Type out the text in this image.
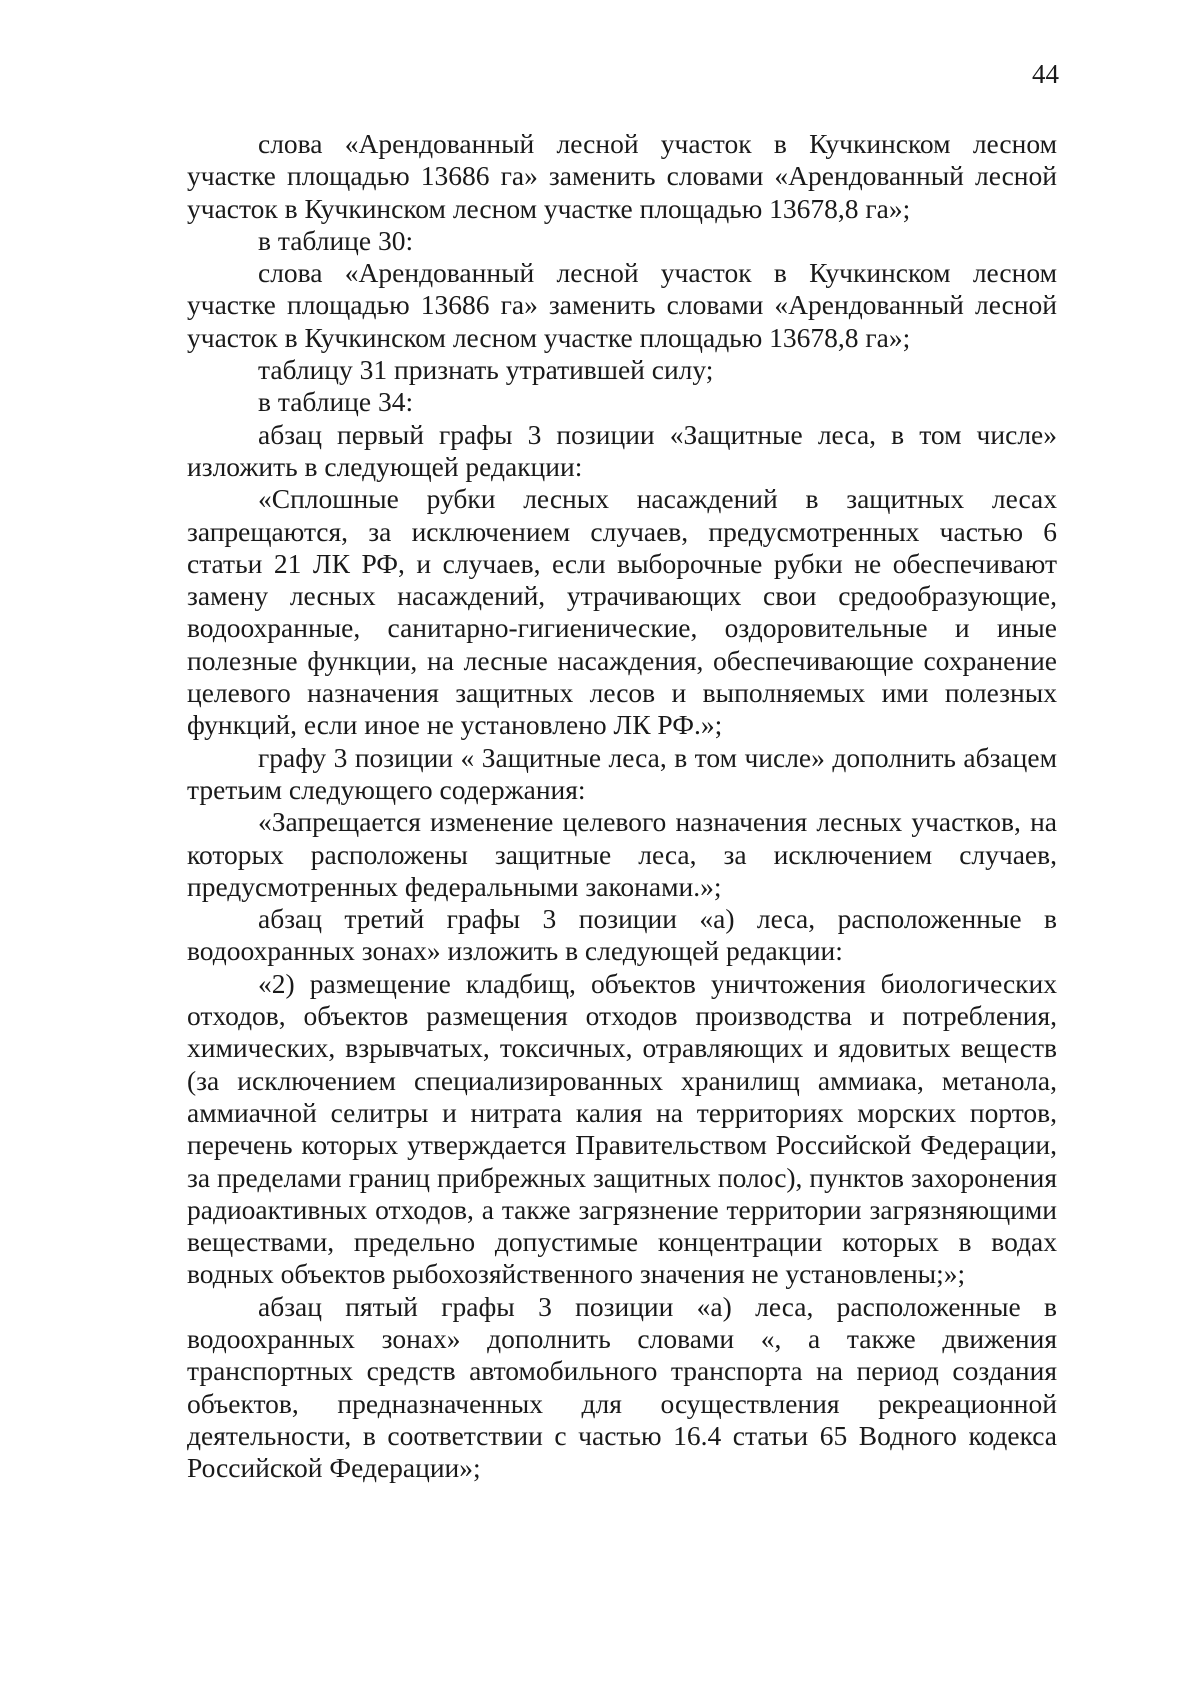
44

слова «Арендованный лесной участок в Кучкинском лесном участке площадью 13686 га» заменить словами «Арендованный лесной участок в Кучкинском лесном участке площадью 13678,8 га»;

в таблице 30:

слова «Арендованный лесной участок в Кучкинском лесном участке площадью 13686 га» заменить словами «Арендованный лесной участок в Кучкинском лесном участке площадью 13678,8 га»;

таблицу 31 признать утратившей силу;

в таблице 34:

абзац первый графы 3 позиции «Защитные леса, в том числе» изложить в следующей редакции:

«Сплошные рубки лесных насаждений в защитных лесах запрещаются, за исключением случаев, предусмотренных частью 6 статьи 21 ЛК РФ, и случаев, если выборочные рубки не обеспечивают замену лесных насаждений, утрачивающих свои средообразующие, водоохранные, санитарно-гигиенические, оздоровительные и иные полезные функции, на лесные насаждения, обеспечивающие сохранение целевого назначения защитных лесов и выполняемых ими полезных функций, если иное не установлено ЛК РФ.»;

графу 3 позиции « Защитные леса, в том числе» дополнить абзацем третьим следующего содержания:

«Запрещается изменение целевого назначения лесных участков, на которых расположены защитные леса, за исключением случаев, предусмотренных федеральными законами.»;

абзац третий графы 3 позиции «а) леса, расположенные в водоохранных зонах» изложить в следующей редакции:

«2) размещение кладбищ, объектов уничтожения биологических отходов, объектов размещения отходов производства и потребления, химических, взрывчатых, токсичных, отравляющих и ядовитых веществ (за исключением специализированных хранилищ аммиака, метанола, аммиачной селитры и нитрата калия на территориях морских портов, перечень которых утверждается Правительством Российской Федерации, за пределами границ прибрежных защитных полос), пунктов захоронения радиоактивных отходов, а также загрязнение территории загрязняющими веществами, предельно допустимые концентрации которых в водах водных объектов рыбохозяйственного значения не установлены;»;

абзац пятый графы 3 позиции «а) леса, расположенные в водоохранных зонах» дополнить словами «, а также движения транспортных средств автомобильного транспорта на период создания объектов, предназначенных для осуществления рекреационной деятельности, в соответствии с частью 16.4 статьи 65 Водного кодекса Российской Федерации»;
